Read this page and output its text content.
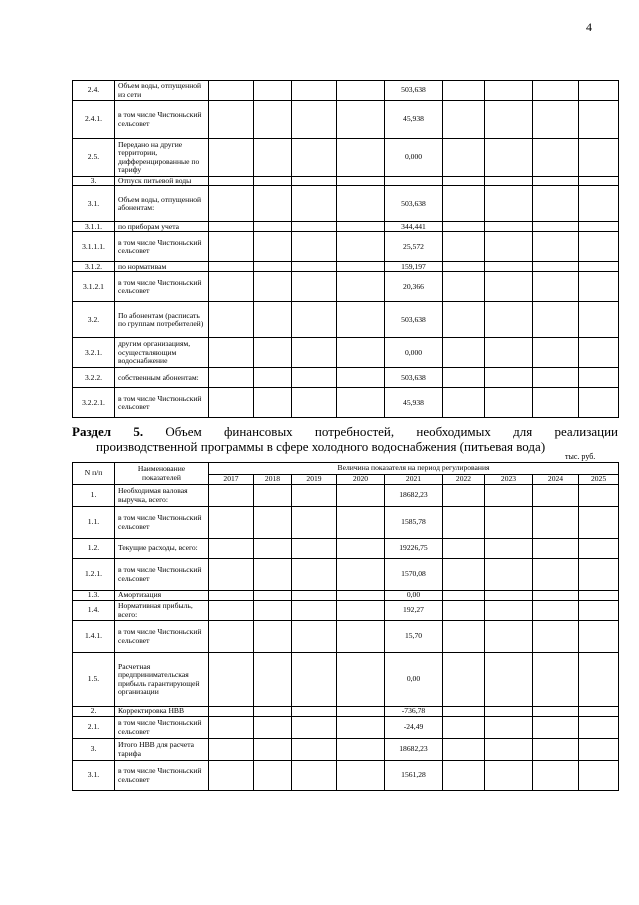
4
2.4.	Объем воды, отпущенной из сети					503,638				
2.4.1.	в том числе Чистюньский сельсовет					45,938				
2.5.	Передано на другие территории, дифференцированные по тарифу					0,000				
3.	Отпуск питьевой воды									
3.1.	Объем воды, отпущенной абонентам:					503,638				
3.1.1.	по приборам учета					344,441				
3.1.1.1.	в том числе Чистюньский сельсовет					25,572				
3.1.2.	по нормативам					159,197				
3.1.2.1	в том числе Чистюньский сельсовет					20,366				
3.2.	По абонентам (расписать по группам потребителей)					503,638				
3.2.1.	другим организациям, осуществляющим водоснабжение					0,000				
3.2.2.	собственным абонентам:					503,638				
3.2.2.1.	в том числе Чистюньский сельсовет					45,938				
Раздел 5. Объем финансовых потребностей, необходимых для реализации
производственной программы в сфере холодного водоснабжения (питьевая вода)
тыс. руб.
N п/п	Наименование показателей	Величина показателя на период регулирования								
		2017	2018	2019	2020	2021	2022	2023	2024	2025
1.	Необходимая валовая выручка, всего:					18682,23				
1.1.	в том числе Чистюньский сельсовет					1585,78				
1.2.	Текущие расходы, всего:					19226,75				
1.2.1.	в том числе Чистюньский сельсовет					1570,08				
1.3.	Амортизация					0,00				
1.4.	Нормативная прибыль, всего:					192,27				
1.4.1.	в том числе Чистюньский сельсовет					15,70				
1.5.	Расчетная предпринимательская прибыль гарантирующей организации					0,00				
2.	Корректировка НВВ					-736,78				
2.1.	в том числе Чистюньский сельсовет					-24,49				
3.	Итого НВВ для расчета тарифа					18682,23				
3.1.	в том числе Чистюньский сельсовет					1561,28				
